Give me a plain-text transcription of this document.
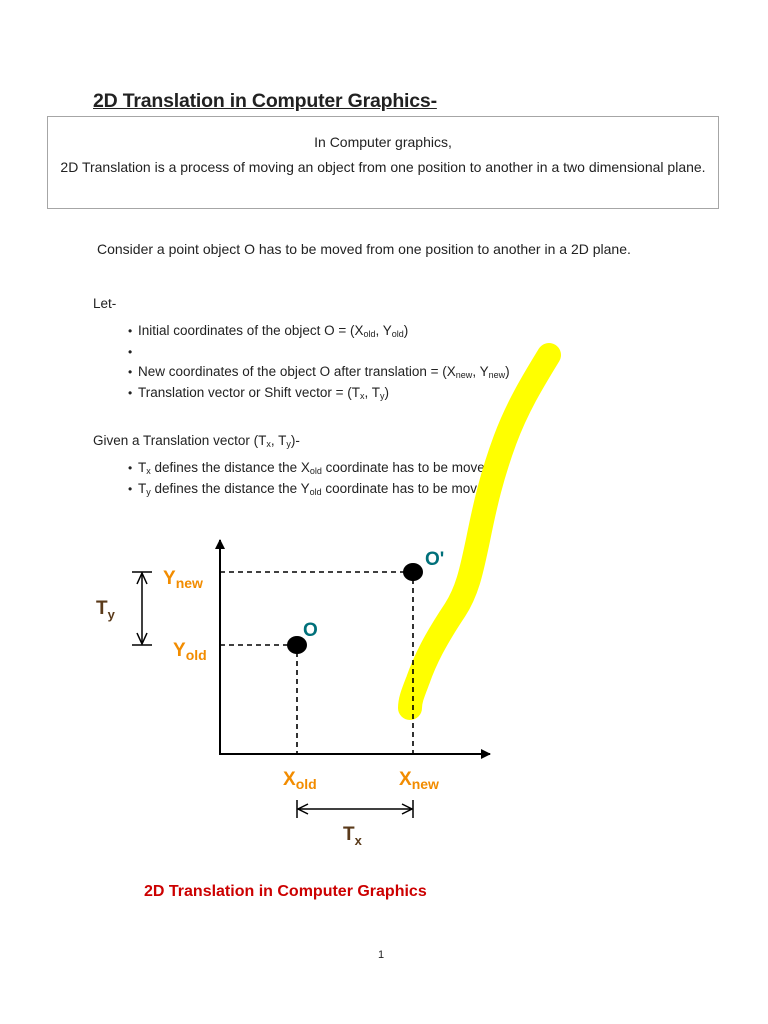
2D Translation in Computer Graphics-
In Computer graphics,
2D Translation is a process of moving an object from one position to another in a two dimensional plane.

Consider a point object O has to be moved from one position to another in a 2D plane.

Let-

• Initial coordinates of the object $O = (X_{old}$, $Y_{old}$)
•
• New coordinates of the object O after translation = ($X_{new}$, $Y_{new}$)
• Translation vector or Shift vector = ($T_x$, $T_y$)

Given a Translation vector ($T_x$, $T_y)-$

• $T_x$ defines the distance the $X_{old}$ coordinate has to be moved.
• $T_y$ defines the distance the $Y_{old}$ coordinate has to be moved.
O
O'
Ynew
Yold
Xold	Xnew
$T_y$
$T_x$
2D Translation in Computer Graphics
1
